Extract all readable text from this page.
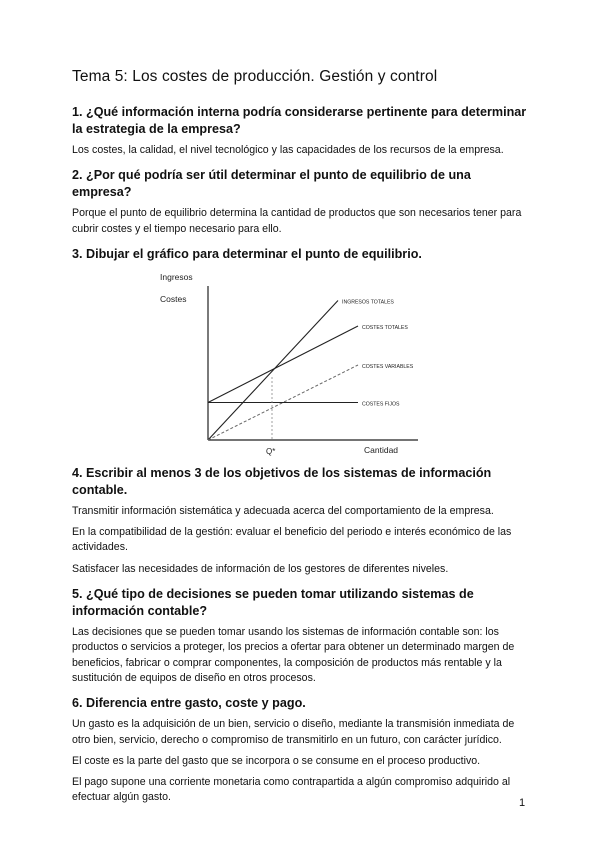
Tema 5: Los costes de producción. Gestión y control
1. ¿Qué información interna podría considerarse pertinente para determinar la estrategia de la empresa?

Los costes, la calidad, el nivel tecnológico y las capacidades de los recursos de la empresa.

2. ¿Por qué podría ser útil determinar el punto de equilibrio de una empresa?

Porque el punto de equilibrio determina la cantidad de productos que son necesarios tener para cubrir costes y el tiempo necesario para ello.

3. Dibujar el gráfico para determinar el punto de equilibrio.
Ingresos
Costes
Cantidad
INGRESOS TOTALES
COSTES TOTALES
COSTES VARIABLES
COSTES FIJOS
Q*
4. Escribir al menos 3 de los objetivos de los sistemas de información contable.

Transmitir información sistemática y adecuada acerca del comportamiento de la empresa.

En la compatibilidad de la gestión: evaluar el beneficio del periodo e interés económico de las actividades.

Satisfacer las necesidades de información de los gestores de diferentes niveles.

5. ¿Qué tipo de decisiones se pueden tomar utilizando sistemas de información contable?

Las decisiones que se pueden tomar usando los sistemas de información contable son: los productos o servicios a proteger, los precios a ofertar para obtener un determinado margen de beneficios, fabricar o comprar componentes, la composición de productos más rentable y la sustitución de equipos de diseño en otros procesos.

6. Diferencia entre gasto, coste y pago.

Un gasto es la adquisición de un bien, servicio o diseño, mediante la transmisión inmediata de otro bien, servicio, derecho o compromiso de transmitirlo en un futuro, con carácter jurídico.

El coste es la parte del gasto que se incorpora o se consume en el proceso productivo.

El pago supone una corriente monetaria como contrapartida a algún compromiso adquirido al efectuar algún gasto.	1
